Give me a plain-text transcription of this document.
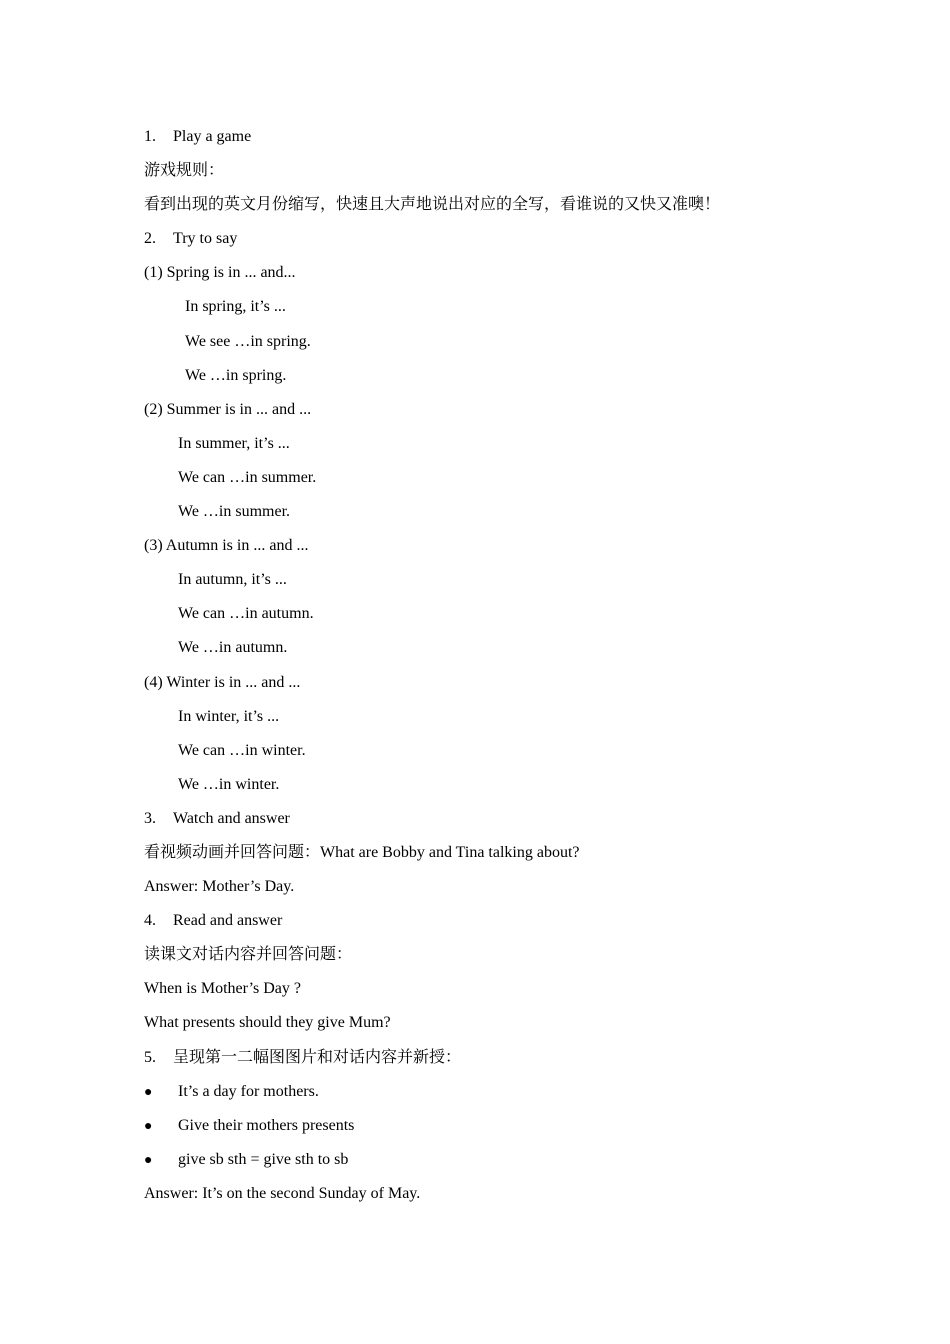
1. Play a game
游戏规则：
看到出现的英文月份缩写，快速且大声地说出对应的全写，看谁说的又快又准噢！
2. Try to say
(1) Spring is in ... and...
In spring, it’s ...
We see …in spring.
We …in spring.
(2) Summer is in ... and ...
In summer, it’s ...
We can …in summer.
We …in summer.
(3) Autumn is in ... and ...
In autumn, it’s ...
We can …in autumn.
We …in autumn.
(4) Winter is in ... and ...
In winter, it’s ...
We can …in winter.
We …in winter.
3. Watch and answer
看视频动画并回答问题：What are Bobby and Tina talking about?
Answer: Mother’s Day.
4. Read and answer
读课文对话内容并回答问题：
When is Mother’s Day ?
What presents should they give Mum?
5. 呈现第一二幅图图片和对话内容并新授：
● It’s a day for mothers.
● Give their mothers presents
● give sb sth = give sth to sb
Answer: It’s on the second Sunday of May.
